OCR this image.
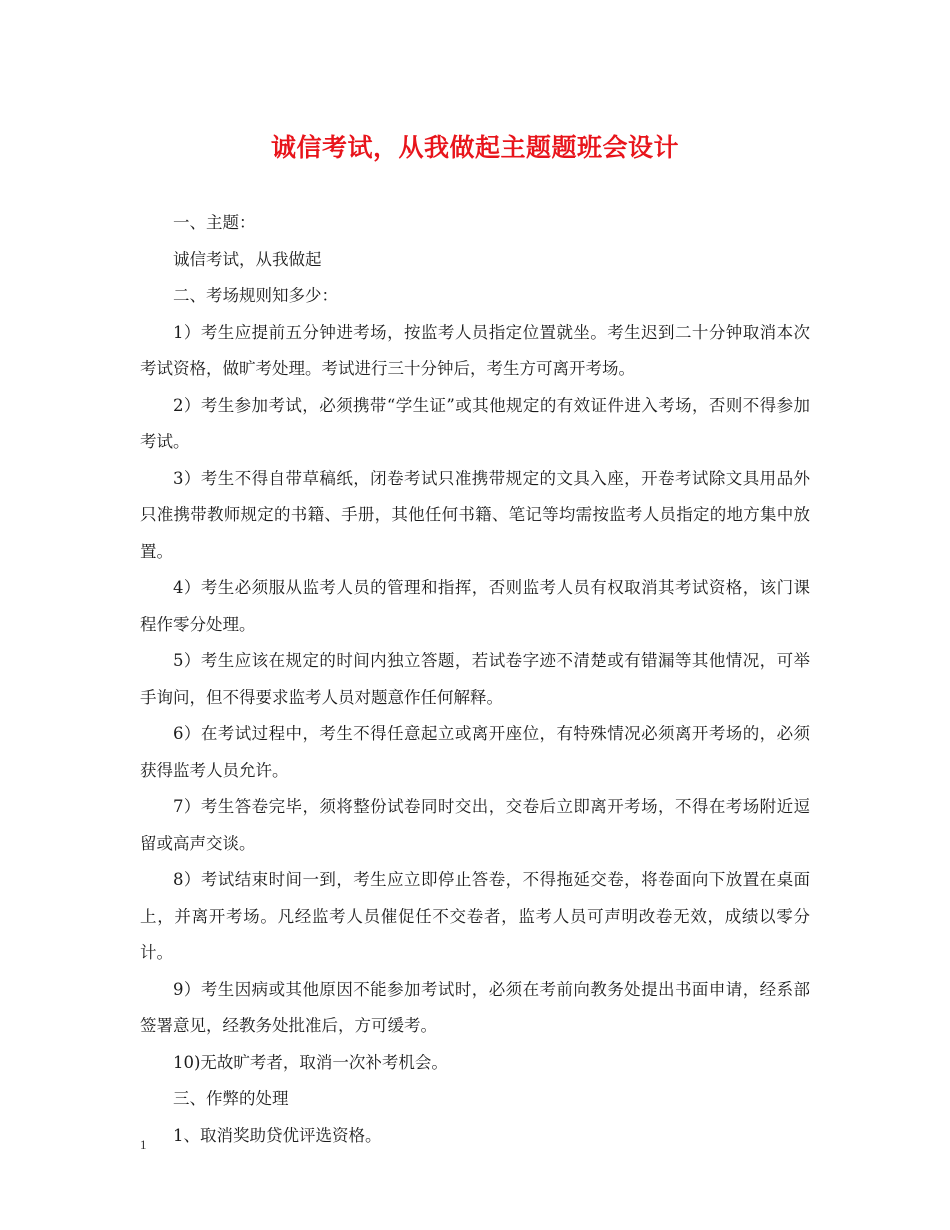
诚信考试，从我做起主题题班会设计

一、主题：

诚信考试，从我做起

二、考场规则知多少：

1）考生应提前五分钟进考场，按监考人员指定位置就坐。考生迟到二十分钟取消本次考试资格，做旷考处理。考试进行三十分钟后，考生方可离开考场。

2）考生参加考试，必须携带“学生证”或其他规定的有效证件进入考场，否则不得参加考试。

3）考生不得自带草稿纸，闭卷考试只准携带规定的文具入座，开卷考试除文具用品外只准携带教师规定的书籍、手册，其他任何书籍、笔记等均需按监考人员指定的地方集中放置。

4）考生必须服从监考人员的管理和指挥，否则监考人员有权取消其考试资格，该门课程作零分处理。

5）考生应该在规定的时间内独立答题，若试卷字迹不清楚或有错漏等其他情况，可举手询问，但不得要求监考人员对题意作任何解释。

6）在考试过程中，考生不得任意起立或离开座位，有特殊情况必须离开考场的，必须获得监考人员允许。

7）考生答卷完毕，须将整份试卷同时交出，交卷后立即离开考场，不得在考场附近逗留或高声交谈。

8）考试结束时间一到，考生应立即停止答卷，不得拖延交卷，将卷面向下放置在桌面上，并离开考场。凡经监考人员催促任不交卷者，监考人员可声明改卷无效，成绩以零分计。

9）考生因病或其他原因不能参加考试时，必须在考前向教务处提出书面申请，经系部签署意见，经教务处批准后，方可缓考。

10)无故旷考者，取消一次补考机会。

三、作弊的处理

1、取消奖助贷优评选资格。

1
